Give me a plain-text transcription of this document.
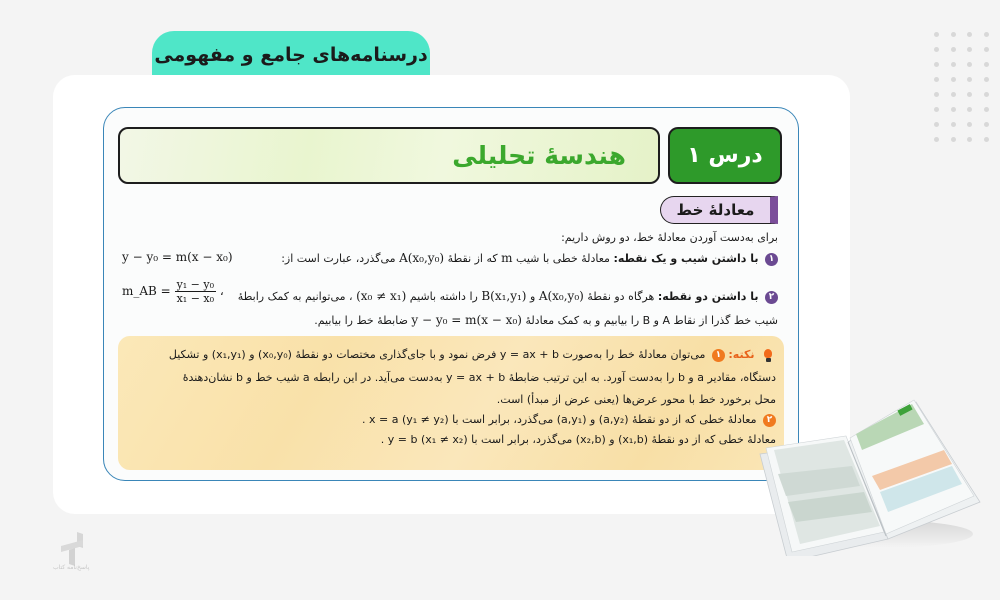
درسنامه‌های جامع و مفهومی
درس ۱
هندسهٔ تحلیلی
معادلهٔ خط
برای به‌دست آوردن معادلهٔ خط، دو روش داریم:
۱ با داشتن شیب و یک نقطه: معادلهٔ خطی با شیب m که از نقطهٔ A(x₀,y₀) می‌گذرد، عبارت است از:
y − y₀ = m(x − x₀)
۲ با داشتن دو نقطه: هرگاه دو نقطهٔ A(x₀,y₀) و B(x₁,y₁) را داشته باشیم (x₀ ≠ x₁) ، می‌توانیم به کمک رابطهٔ
m_AB = $\frac{\text{y₁ − y₀}}{\text{x₁ − x₀}}$ ،
شیب خط گذرا از نقاط A و B را بیابیم و به کمک معادلهٔ y − y₀ = m(x − x₀) ضابطهٔ خط را بیابیم.
نکته: ۱ می‌توان معادلهٔ خط را به‌صورت y = ax + b فرض نمود و با جای‌گذاری مختصات دو نقطهٔ (x₀,y₀) و (x₁,y₁) و تشکیل
دستگاه، مقادیر a و b را به‌دست آورد. به این ترتیب ضابطهٔ y = ax + b به‌دست می‌آید. در این رابطه a شیب خط و b نشان‌دهندهٔ
محل برخورد خط با محور عرض‌ها (یعنی عرض از مبدأ) است.
۲ معادلهٔ خطی که از دو نقطهٔ (a,y₂) و (a,y₁) می‌گذرد، برابر است با x = a (y₁ ≠ y₂) .
معادلهٔ خطی که از دو نقطهٔ (x₁,b) و (x₂,b) می‌گذرد، برابر است با y = b (x₁ ≠ x₂) .
پاسخ‌نامه کتاب
